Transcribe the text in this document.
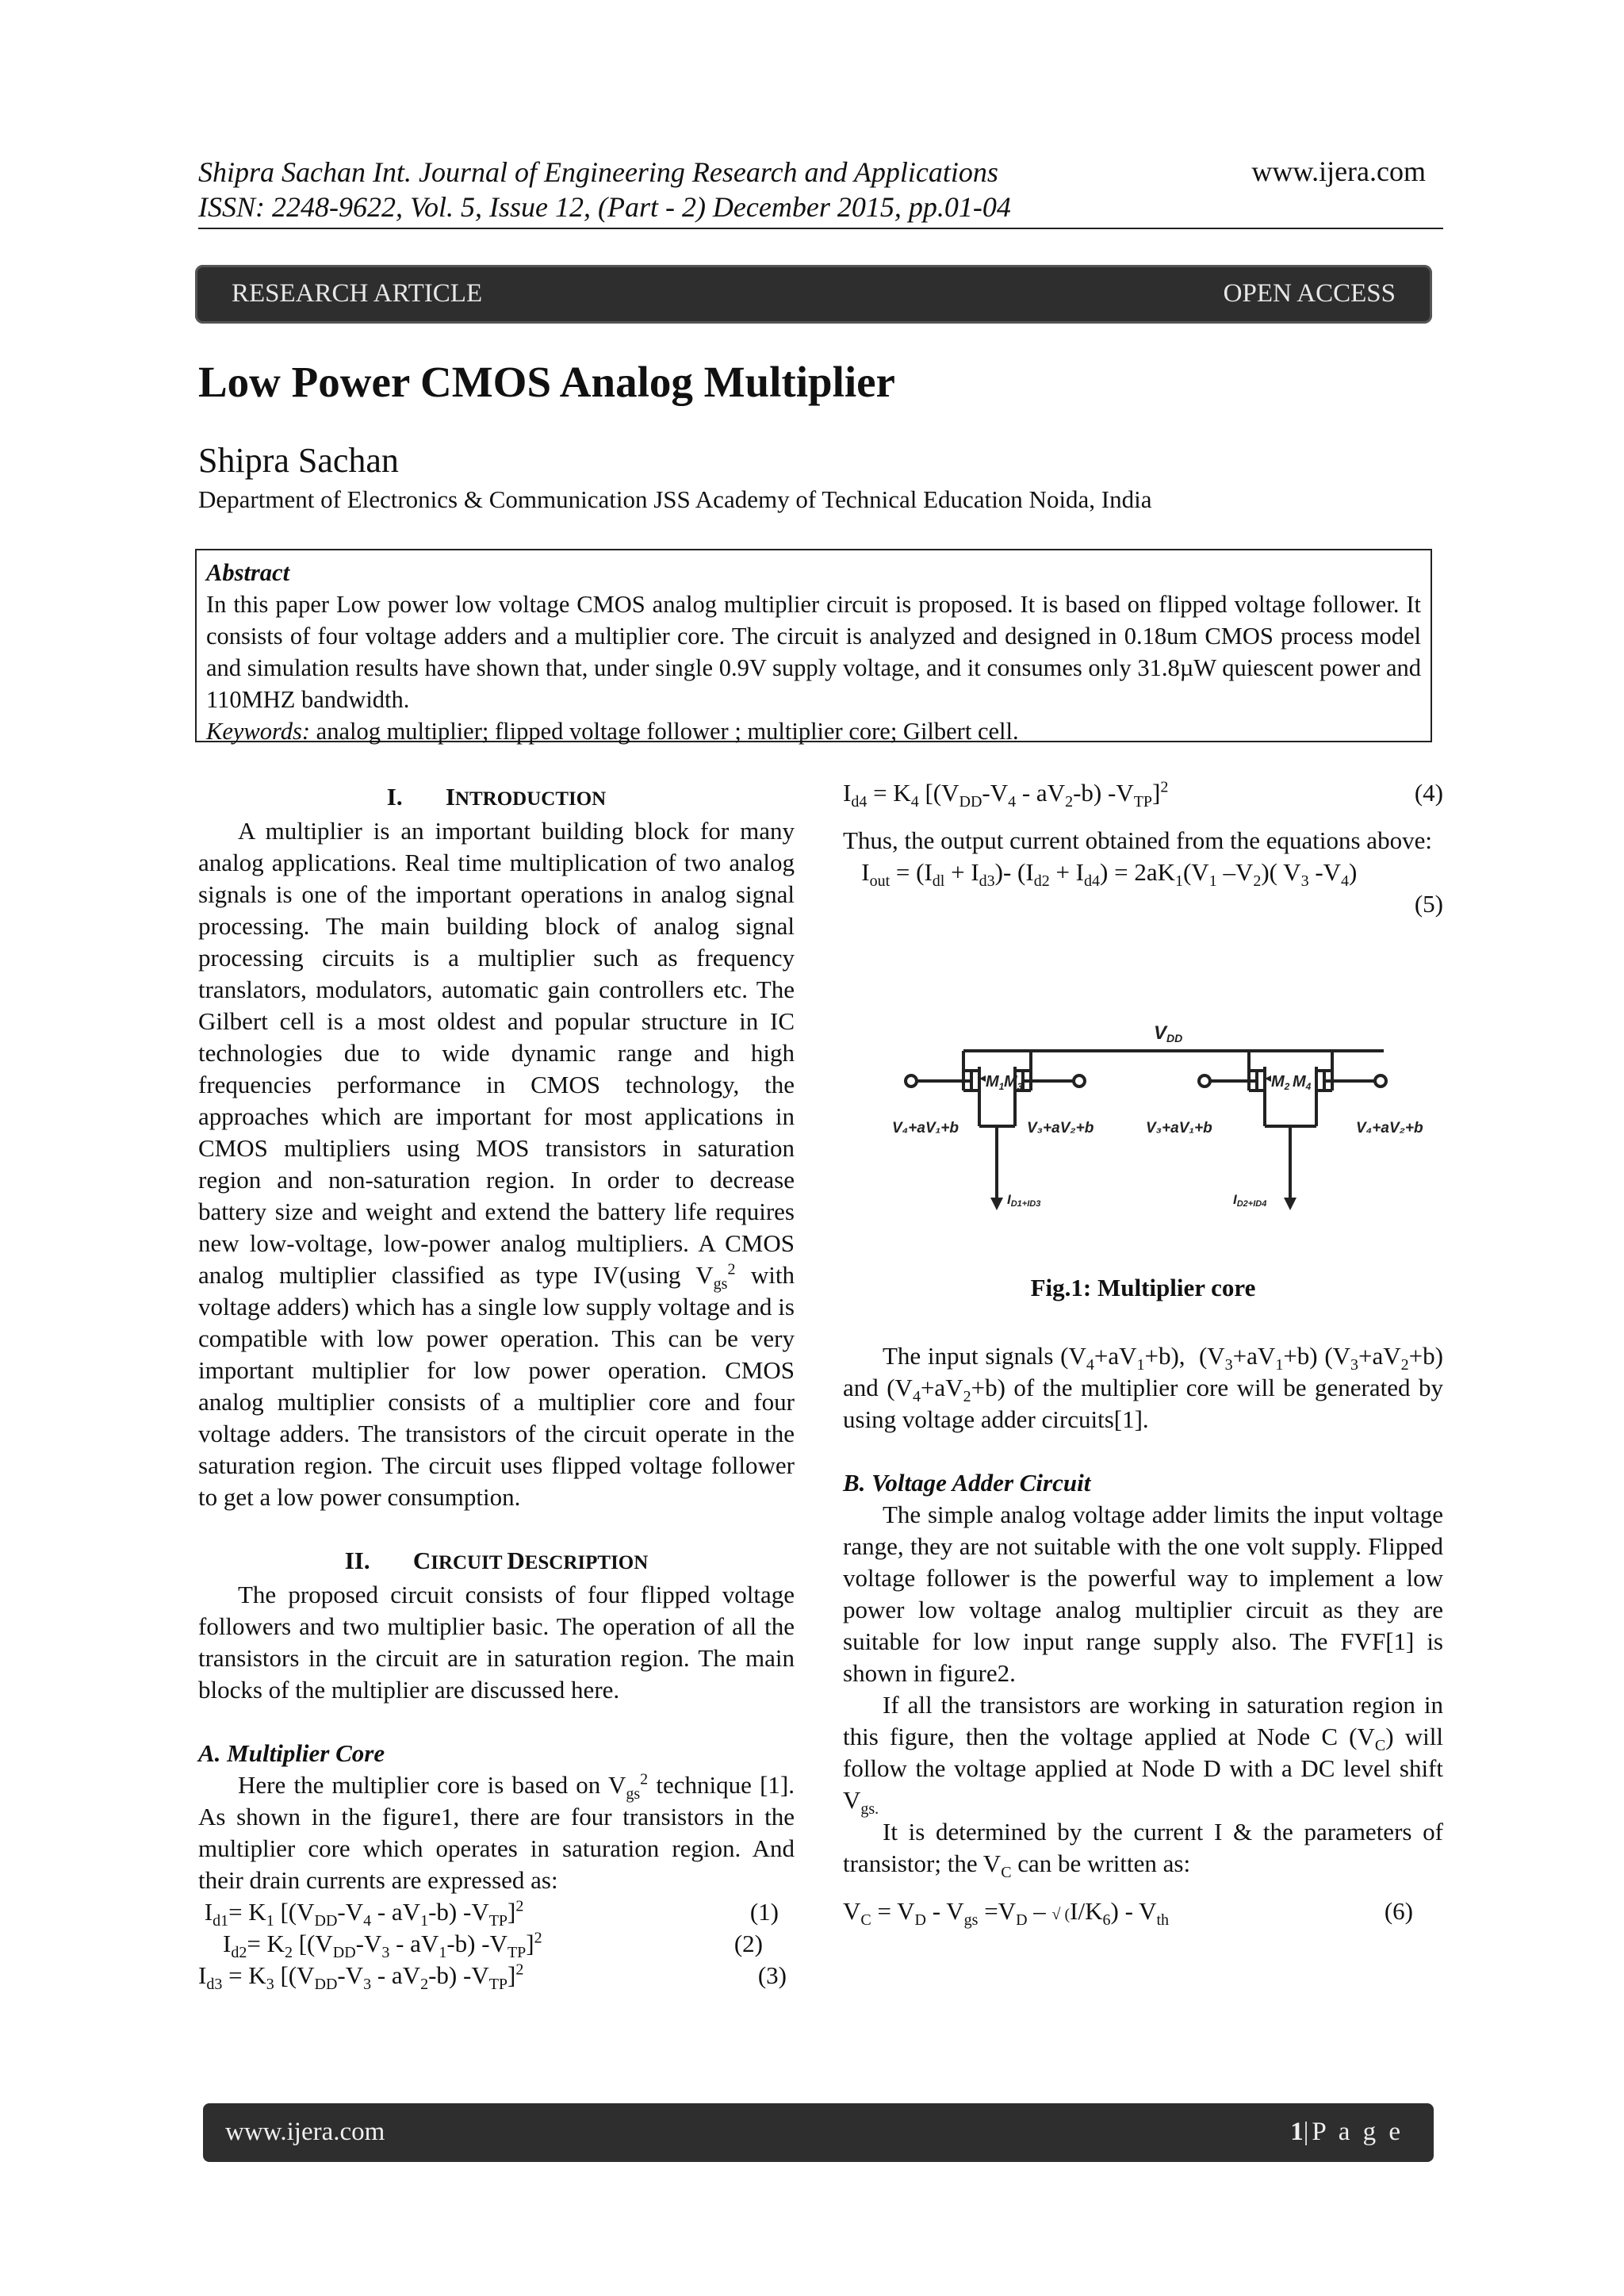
Shipra Sachan Int. Journal of Engineering Research and Applications
ISSN: 2248-9622, Vol. 5, Issue 12, (Part - 2) December 2015, pp.01-04
www.ijera.com
RESEARCH ARTICLE	OPEN ACCESS
Low Power CMOS Analog Multiplier
Shipra Sachan
Department of Electronics & Communication JSS Academy of Technical Education Noida, India
Abstract
In this paper Low power low voltage CMOS analog multiplier circuit is proposed. It is based on flipped voltage follower. It consists of four voltage adders and a multiplier core. The circuit is analyzed and designed in 0.18um CMOS process model and simulation results have shown that, under single 0.9V supply voltage, and it consumes only 31.8µW quiescent power and 110MHZ bandwidth.
Keywords: analog multiplier; flipped voltage follower ; multiplier core; Gilbert cell.

I. INTRODUCTION

A multiplier is an important building block for many analog applications. Real time multiplication of two analog signals is one of the important operations in analog signal processing. The main building block of analog signal processing circuits is a multiplier such as frequency translators, modulators, automatic gain controllers etc. The Gilbert cell is a most oldest and popular structure in IC technologies due to wide dynamic range and high frequencies performance in CMOS technology, the approaches which are important for most applications in CMOS multipliers using MOS transistors in saturation region and non-saturation region. In order to decrease battery size and weight and extend the battery life requires new low-voltage, low-power analog multipliers. A CMOS analog multiplier classified as type IV(using $V_{gs}^2$ with voltage adders) which has a single low supply voltage and is compatible with low power operation. This can be very important multiplier for low power operation. CMOS analog multiplier consists of a multiplier core and four voltage adders. The transistors of the circuit operate in the saturation region. The circuit uses flipped voltage follower to get a low power consumption.

II. CIRCUIT DESCRIPTION

The proposed circuit consists of four flipped voltage followers and two multiplier basic. The operation of all the transistors in the circuit are in saturation region. The main blocks of the multiplier are discussed here.

A. Multiplier Core

Here the multiplier core is based on $V_{gs}^2$ technique [1]. As shown in the figure1, there are four transistors in the multiplier core which operates in saturation region. And their drain currents are expressed as:

$I_{d1}= K_1$ [$(V_{DD}-V_4 - aV_1-b)$ $-V_{TP}]^2$	(1)
$I_{d2}= K_2$ [$(V_{DD}-V_3 - aV_1-b)$ $-V_{TP}]^2$	(2)
$I_{d3} = K_3$ [$(V_{DD}-V_3 - aV_2-b)$ $-V_{TP}]^2$	(3)
$I_{d4} = K_4$ [$(V_{DD}-V_4 - aV_2-b)$ $-V_{TP}]^2$	(4)

Thus, the output current obtained from the equations above:

$I_{out} = (I_{dl} + I_{d3})-$ $(I_{d2} + I_{d4}) = 2aK_1(V_1$ $-V_2$)( $V_3$ $-V_4$)
(5)
VDD
$M_1$ $M_3$	$M_2$ $M_4$
V₄+aV₁+b	V₃+aV₂+b	V₃+aV₁+b	V₄+aV₂+b
ID1+ID3	ID2+ID4
Fig.1: Multiplier core

The input signals $(V_4+aV_1+b)$,  $(V_3+aV_1+b)$ $(V_3+aV_2+b)$ and $(V_4+aV_2+b)$ of the multiplier core will be generated by using voltage adder circuits[1].

B. Voltage Adder Circuit

The simple analog voltage adder limits the input voltage range, they are not suitable with the one volt supply. Flipped voltage follower is the powerful way to implement a low power low voltage analog multiplier circuit as they are suitable for low input range supply also. The FVF[1] is shown in figure2.

If all the transistors are working in saturation region in this figure, then the voltage applied at Node C $(V_C)$ will follow the voltage applied at Node D with a DC level shift $V_{gs.}$

It is determined by the current I & the parameters of transistor; the $V_C$ can be written as:

$V_C = V_D - V_{gs} =V_D$ – √ $(I/K_6) - V_{th}$	(6)
www.ijera.com	1|P a g e
